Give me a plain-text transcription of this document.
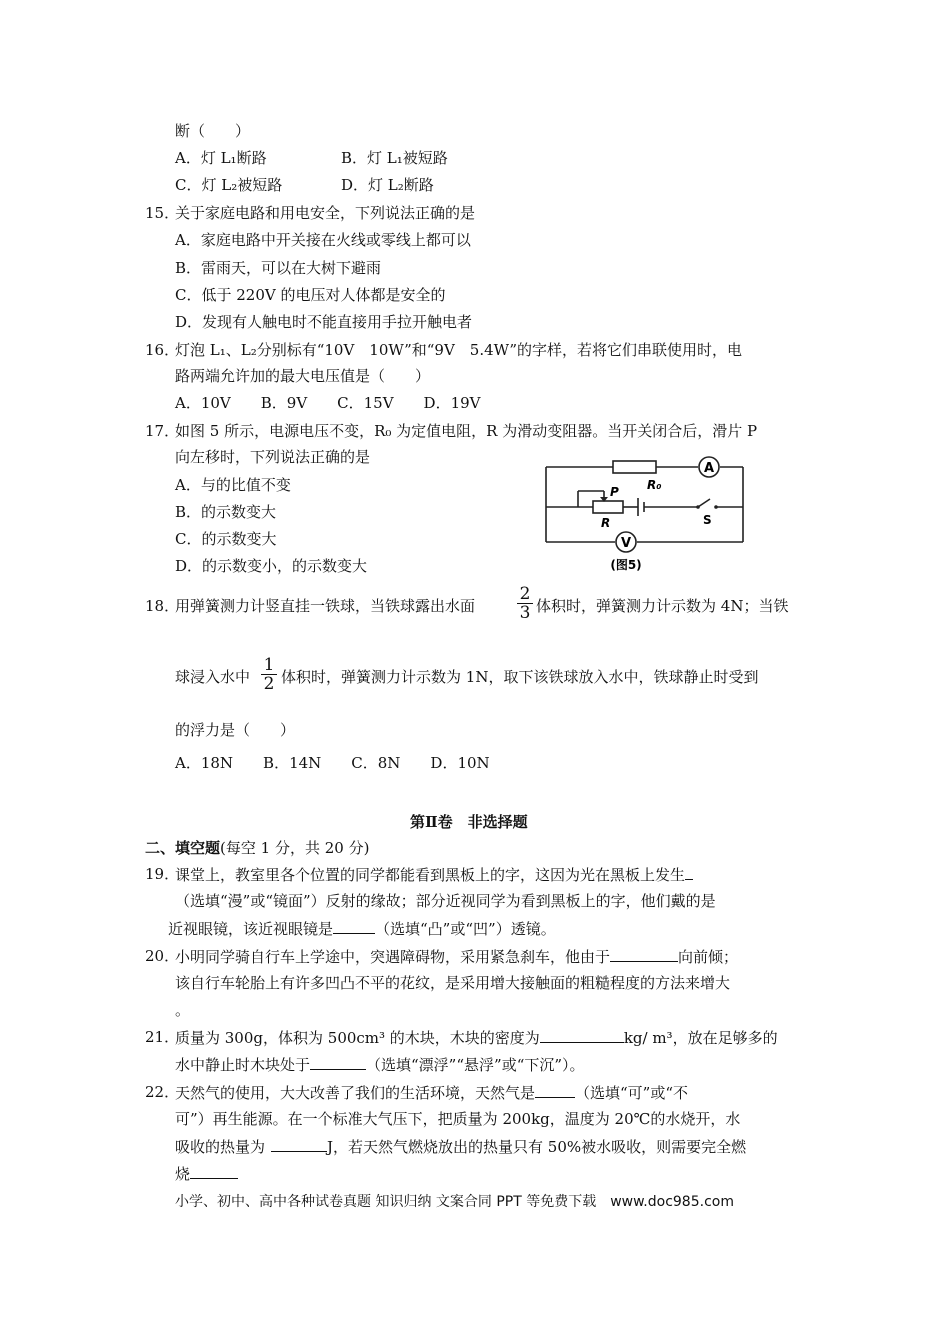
断（　　）
A．灯 L₁断路	B．灯 L₁被短路
C．灯 L₂被短路	D．灯 L₂断路
15．
关于家庭电路和用电安全，下列说法正确的是
A．家庭电路中开关接在火线或零线上都可以
B．雷雨天，可以在大树下避雨
C．低于 220V 的电压对人体都是安全的
D．发现有人触电时不能直接用手拉开触电者
16．
灯泡 L₁、L₂分别标有“10V　10W”和“9V　5.4W”的字样，若将它们串联使用时，电
路两端允许加的最大电压值是（　　）
A．10V　　B．9V　　C．15V　　D．19V
17．
如图 5 所示，电源电压不变，R₀ 为定值电阻，R 为滑动变阻器。当开关闭合后，滑片 P
向左移时，下列说法正确的是
A．与的比值不变
B．的示数变大
C．的示数变大
D．的示数变小，的示数变大
A
V
R₀
R
P
S
(图5)
18．
用弹簧测力计竖直挂一铁球，当铁球露出水面 $\frac{2}{3}$ 体积时，弹簧测力计示数为 4N；当铁
球浸入水中 $\frac{1}{2}$ 体积时，弹簧测力计示数为 1N，取下该铁球放入水中，铁球静止时受到
的浮力是（　　）
A．18N　　B．14N　　C．8N　　D．10N
第Ⅱ卷　非选择题
二、填空题(每空 1 分，共 20 分)
19．
课堂上，教室里各个位置的同学都能看到黑板上的字，这因为光在黑板上发生
（选填“漫”或“镜面”）反射的缘故；部分近视同学为看到黑板上的字，他们戴的是
近视眼镜，该近视眼镜是	（选填“凸”或“凹”）透镜。
20．
小明同学骑自行车上学途中，突遇障碍物，采用紧急刹车，他由于	向前倾；
该自行车轮胎上有许多凹凸不平的花纹，是采用增大接触面的粗糙程度的方法来增大
。
21．
质量为 300g，体积为 500cm³ 的木块，木块的密度为	kg/ m³，放在足够多的
水中静止时木块处于	（选填“漂浮”“悬浮”或“下沉”）。
22．
天然气的使用，大大改善了我们的生活环境，天然气是	（选填“可”或“不
可”）再生能源。在一个标准大气压下，把质量为 200kg，温度为 20℃的水烧开，水
吸收的热量为	J，若天然气燃烧放出的热量只有 50%被水吸收，则需要完全燃
烧
小学、初中、高中各种试卷真题 知识归纳 文案合同 PPT 等免费下载　www.doc985.com
